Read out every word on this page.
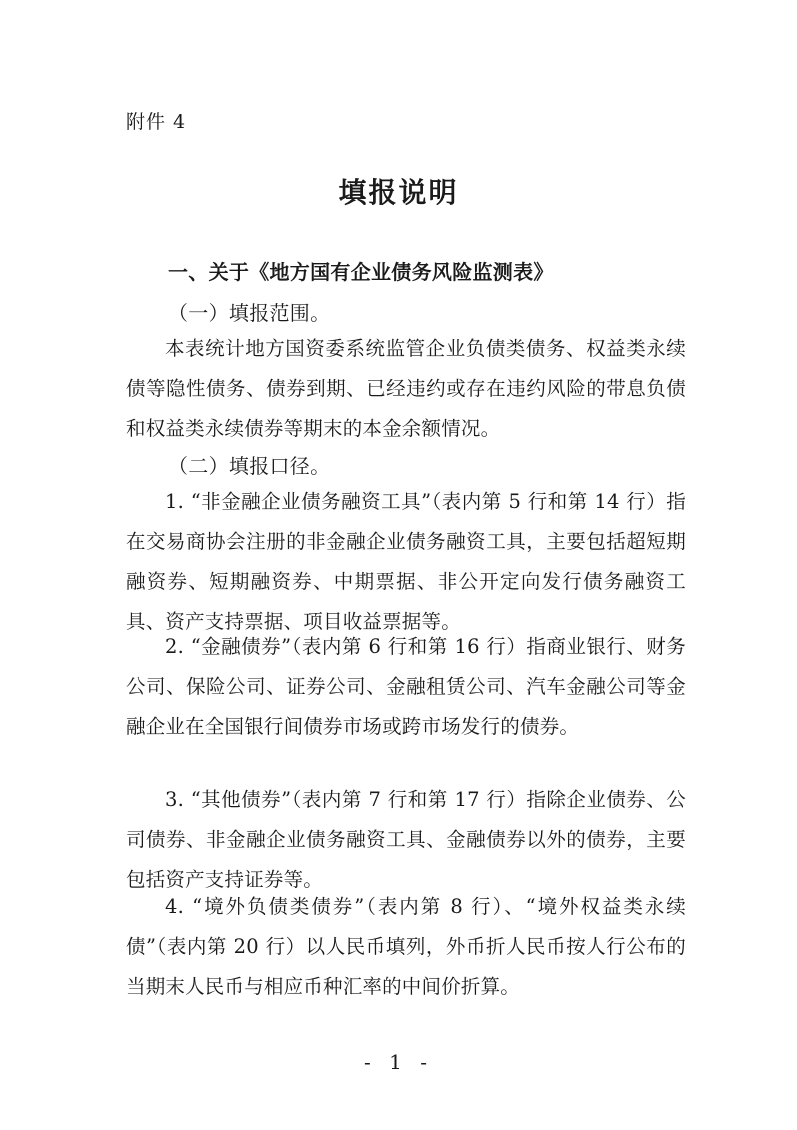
附件 4
填报说明
一、关于《地方国有企业债务风险监测表》
（一）填报范围。

本表统计地方国资委系统监管企业负债类债务、权益类永续债等隐性债务、债券到期、已经违约或存在违约风险的带息负债和权益类永续债券等期末的本金余额情况。

（二）填报口径。

1. “非金融企业债务融资工具”（表内第 5 行和第 14 行）指在交易商协会注册的非金融企业债务融资工具，主要包括超短期融资券、短期融资券、中期票据、非公开定向发行债务融资工具、资产支持票据、项目收益票据等。

2. “金融债券”（表内第 6 行和第 16 行）指商业银行、财务公司、保险公司、证券公司、金融租赁公司、汽车金融公司等金融企业在全国银行间债券市场或跨市场发行的债券。

3. “其他债券”（表内第 7 行和第 17 行）指除企业债券、公司债券、非金融企业债务融资工具、金融债券以外的债券，主要包括资产支持证券等。

4. “境外负债类债券”（表内第 8 行）、“境外权益类永续债”（表内第 20 行）以人民币填列，外币折人民币按人行公布的当期末人民币与相应币种汇率的中间价折算。

- 1 -
